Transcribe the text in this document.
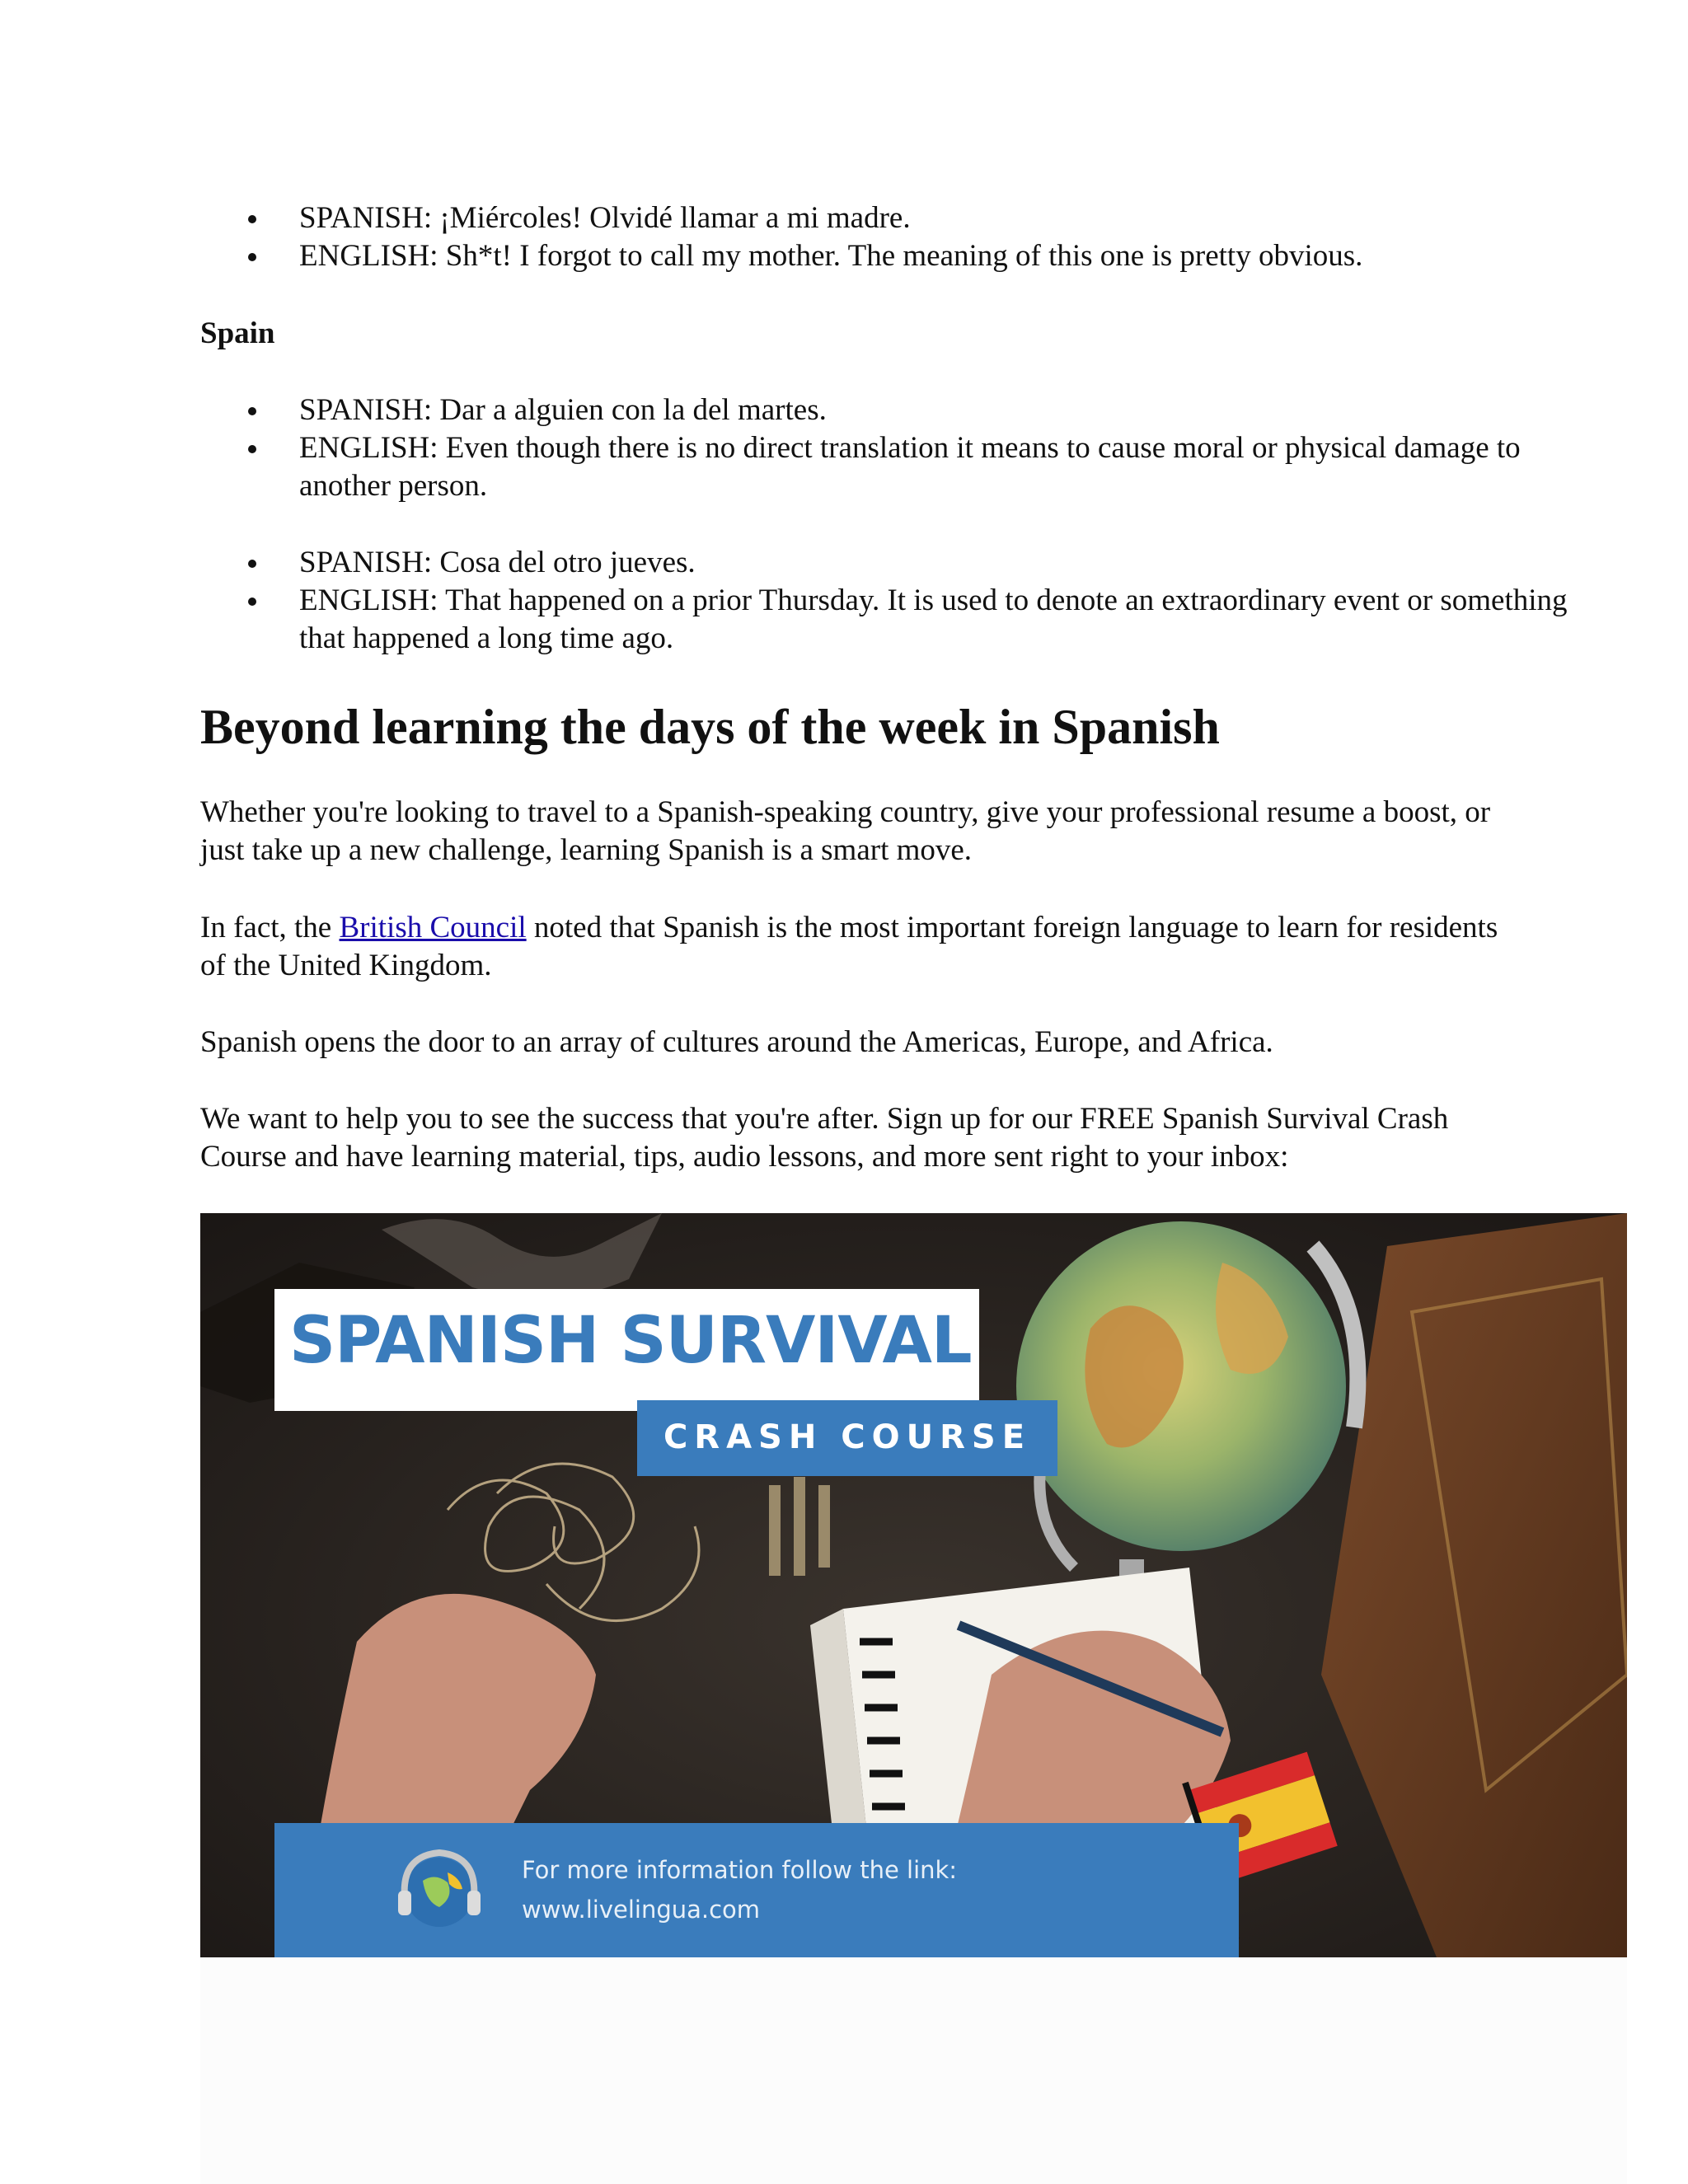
SPANISH: ¡Miércoles! Olvidé llamar a mi madre.
ENGLISH: Sh*t! I forgot to call my mother. The meaning of this one is pretty obvious.
Spain
SPANISH: Dar a alguien con la del martes.
ENGLISH: Even though there is no direct translation it means to cause moral or physical damage to another person.
SPANISH: Cosa del otro jueves.
ENGLISH: That happened on a prior Thursday. It is used to denote an extraordinary event or something that happened a long time ago.
Beyond learning the days of the week in Spanish

Whether you're looking to travel to a Spanish-speaking country, give your professional resume a boost, or just take up a new challenge, learning Spanish is a smart move.

In fact, the British Council noted that Spanish is the most important foreign language to learn for residents of the United Kingdom.

Spanish opens the door to an array of cultures around the Americas, Europe, and Africa.

We want to help you to see the success that you're after. Sign up for our FREE Spanish Survival Crash Course and have learning material, tips, audio lessons, and more sent right to your inbox:

SPANISH SURVIVAL
CRASH COURSE
For more information follow the link:
www.livelingua.com
